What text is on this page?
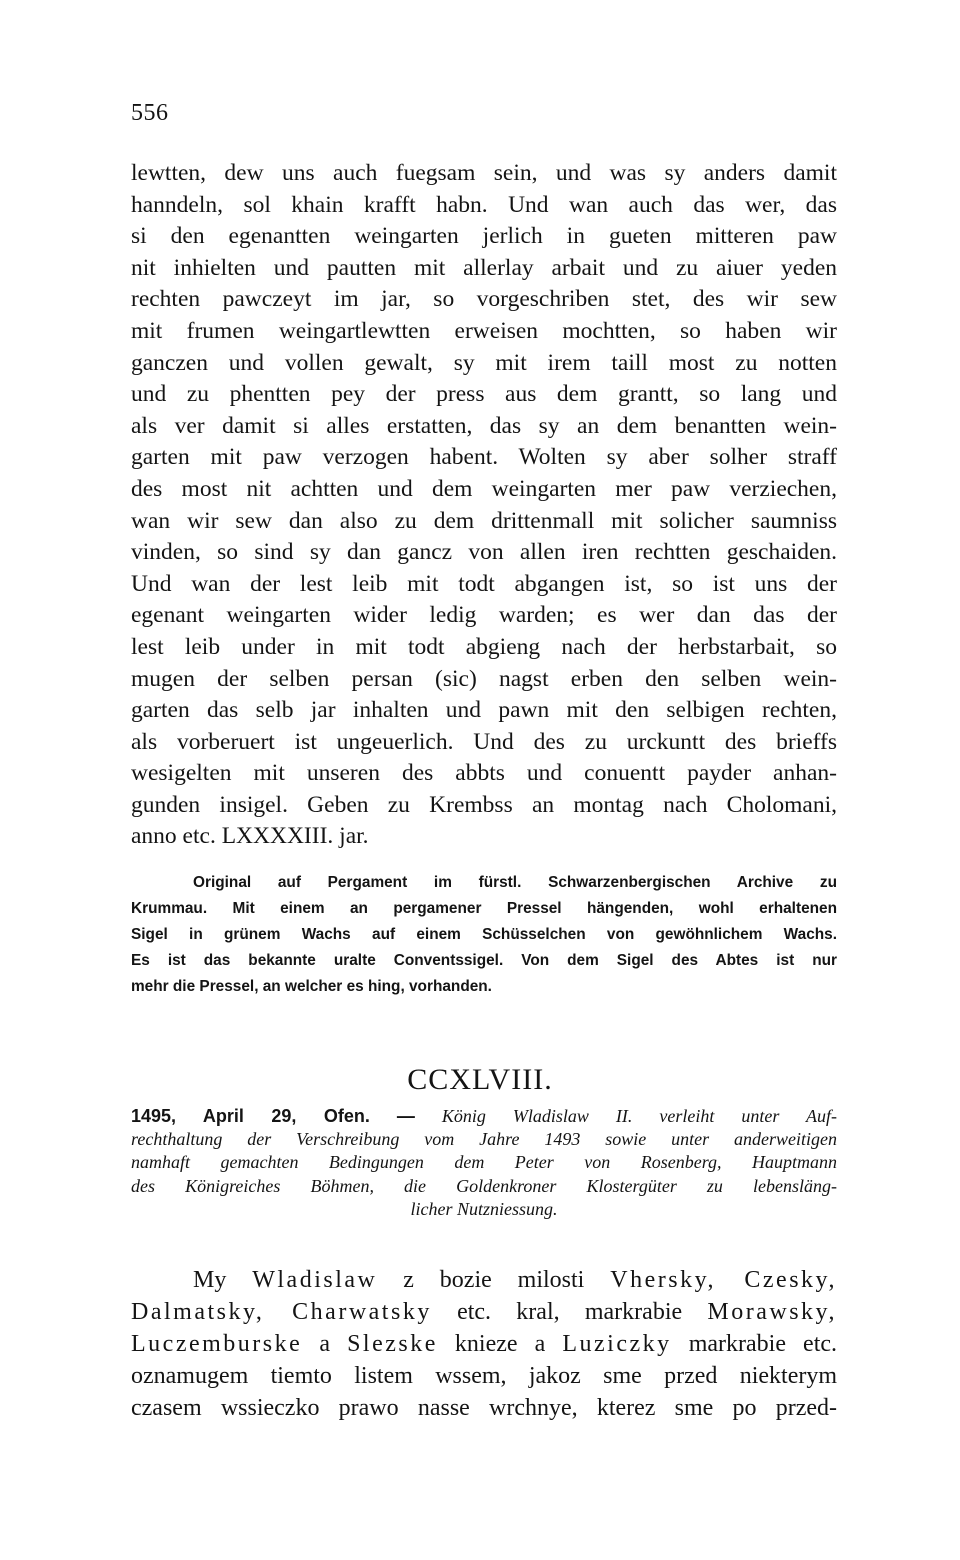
556
lewtten, dew uns auch fuegsam sein, und was sy anders damit
hanndeln, sol khain krafft habn. Und wan auch das wer, das
si den egenantten weingarten jerlich in gueten mitteren paw
nit inhielten und pautten mit allerlay arbait und zu aiuer yeden
rechten pawczeyt im jar, so vorgeschriben stet, des wir sew
mit frumen weingartlewtten erweisen mochtten, so haben wir
ganczen und vollen gewalt, sy mit irem taill most zu notten
und zu phentten pey der press aus dem grantt, so lang und
als ver damit si alles erstatten, das sy an dem benantten wein-
garten mit paw verzogen habent. Wolten sy aber solher straff
des most nit achtten und dem weingarten mer paw verziechen,
wan wir sew dan also zu dem drittenmall mit solicher saumniss
vinden, so sind sy dan gancz von allen iren rechtten geschaiden.
Und wan der lest leib mit todt abgangen ist, so ist uns der
egenant weingarten wider ledig warden; es wer dan das der
lest leib under in mit todt abgieng nach der herbstarbait, so
mugen der selben persan (sic) nagst erben den selben wein-
garten das selb jar inhalten und pawn mit den selbigen rechten,
als vorberuert ist ungeuerlich. Und des zu urckuntt des brieffs
wesigelten mit unseren des abbts und conuentt payder anhan-
gunden insigel. Geben zu Krembss an montag nach Cholomani,
anno etc. LXXXXIII. jar.
Original auf Pergament im fürstl. Schwarzenbergischen Archive zu
Krummau. Mit einem an pergamener Pressel hängenden, wohl erhaltenen
Sigel in grünem Wachs auf einem Schüsselchen von gewöhnlichem Wachs.
Es ist das bekannte uralte Conventssigel. Von dem Sigel des Abtes ist nur
mehr die Pressel, an welcher es hing, vorhanden.
CCXLVIII.
1495, April 29, Ofen. — König Wladislaw II. verleiht unter Auf-
rechthaltung der Verschreibung vom Jahre 1493 sowie unter anderweitigen
namhaft gemachten Bedingungen dem Peter von Rosenberg, Hauptmann
des Königreiches Böhmen, die Goldenkroner Klostergüter zu lebensläng-
licher Nutzniessung.
My Wladislaw z bozie milosti Vhersky, Czesky,
Dalmatsky, Charwatsky etc. kral, markrabie Morawsky,
Luczemburske a Slezske knieze a Luziczky markrabie etc.
oznamugem tiemto listem wssem, jakoz sme przed niekterym
czasem wssieczko prawo nasse wrchnye, kterez sme po przed-
